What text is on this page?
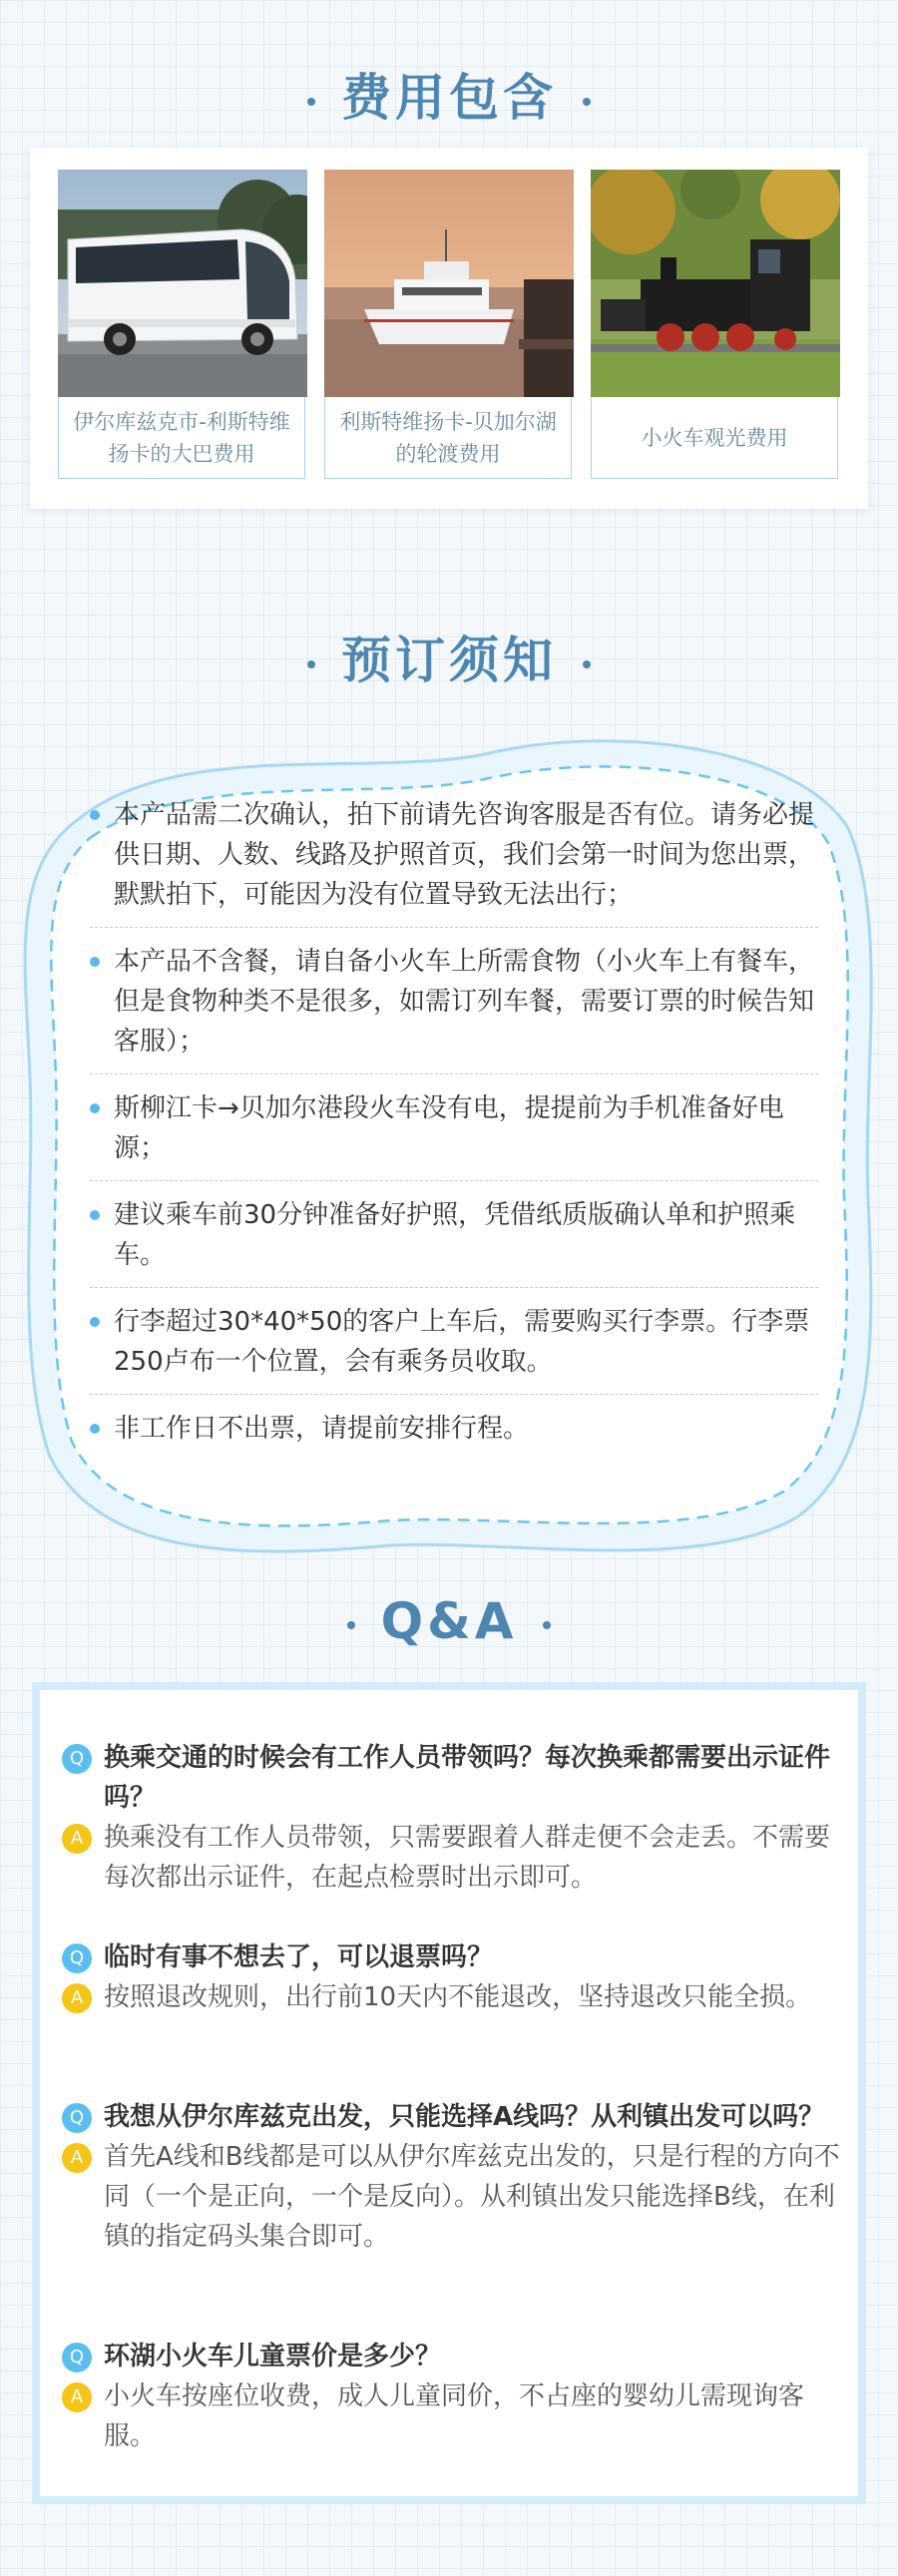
费用包含
伊尔库兹克市-利斯特维扬卡的大巴费用
利斯特维扬卡-贝加尔湖的轮渡费用
小火车观光费用
预订须知
本产品需二次确认，拍下前请先咨询客服是否有位。请务必提供日期、人数、线路及护照首页，我们会第一时间为您出票，默默拍下，可能因为没有位置导致无法出行；
本产品不含餐，请自备小火车上所需食物（小火车上有餐车，但是食物种类不是很多，如需订列车餐，需要订票的时候告知客服）；
斯柳江卡→贝加尔港段火车没有电，提提前为手机准备好电源；
建议乘车前30分钟准备好护照，凭借纸质版确认单和护照乘车。
行李超过30*40*50的客户上车后，需要购买行李票。行李票250卢布一个位置，会有乘务员收取。
非工作日不出票，请提前安排行程。
Q&A
Q 换乘交通的时候会有工作人员带领吗？每次换乘都需要出示证件吗？
A 换乘没有工作人员带领，只需要跟着人群走便不会走丢。不需要每次都出示证件，在起点检票时出示即可。
Q 临时有事不想去了，可以退票吗？
A 按照退改规则，出行前10天内不能退改，坚持退改只能全损。
Q 我想从伊尔库兹克出发，只能选择A线吗？从利镇出发可以吗？
A 首先A线和B线都是可以从伊尔库兹克出发的，只是行程的方向不同（一个是正向，一个是反向）。从利镇出发只能选择B线，在利镇的指定码头集合即可。
Q 环湖小火车儿童票价是多少？
A 小火车按座位收费，成人儿童同价，不占座的婴幼儿需现询客服。
